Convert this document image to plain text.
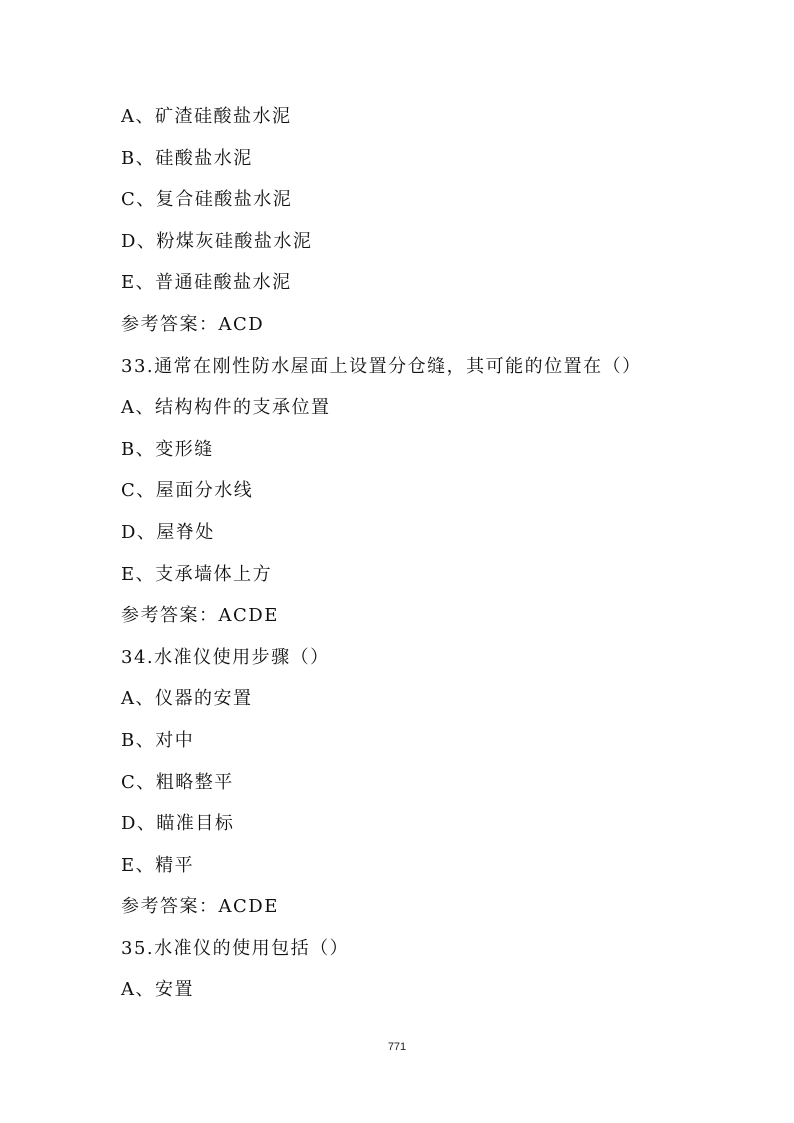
A、矿渣硅酸盐水泥
B、硅酸盐水泥
C、复合硅酸盐水泥
D、粉煤灰硅酸盐水泥
E、普通硅酸盐水泥
参考答案：ACD
33.通常在刚性防水屋面上设置分仓缝，其可能的位置在（）
A、结构构件的支承位置
B、变形缝
C、屋面分水线
D、屋脊处
E、支承墙体上方
参考答案：ACDE
34.水准仪使用步骤（）
A、仪器的安置
B、对中
C、粗略整平
D、瞄准目标
E、精平
参考答案：ACDE
35.水准仪的使用包括（）
A、安置
771
